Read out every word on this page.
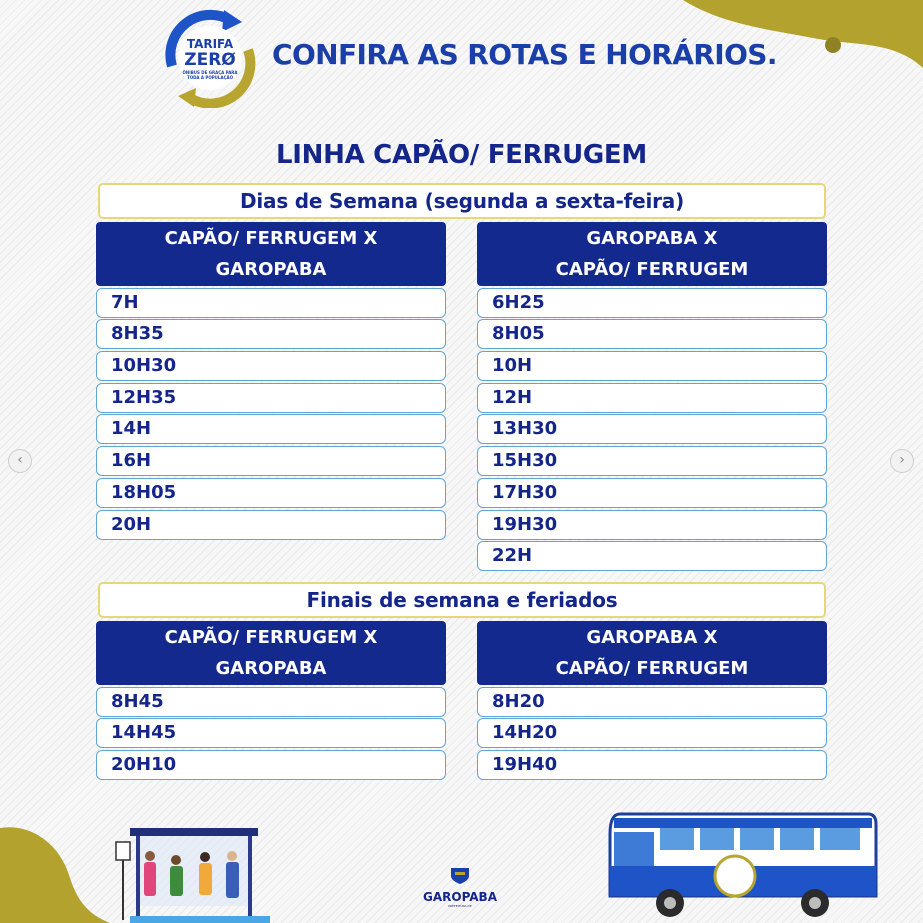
TARIFA
ZERØ
ÔNIBUS DE GRAÇA PARA TODA A POPULAÇÃO
CONFIRA AS ROTAS E HORÁRIOS.
LINHA CAPÃO/ FERRUGEM
Dias de Semana (segunda a sexta-feira)
CAPÃO/ FERRUGEM X
GAROPABA
7H
8H35
10H30
12H35
14H
16H
18H05
20H
GAROPABA X
CAPÃO/ FERRUGEM
6H25
8H05
10H
12H
13H30
15H30
17H30
19H30
22H
Finais de semana e feriados
CAPÃO/ FERRUGEM X
GAROPABA
8H45
14H45
20H10
GAROPABA X
CAPÃO/ FERRUGEM
8H20
14H20
19H40
‹	›
GAROPABA
PREFEITURA DE
